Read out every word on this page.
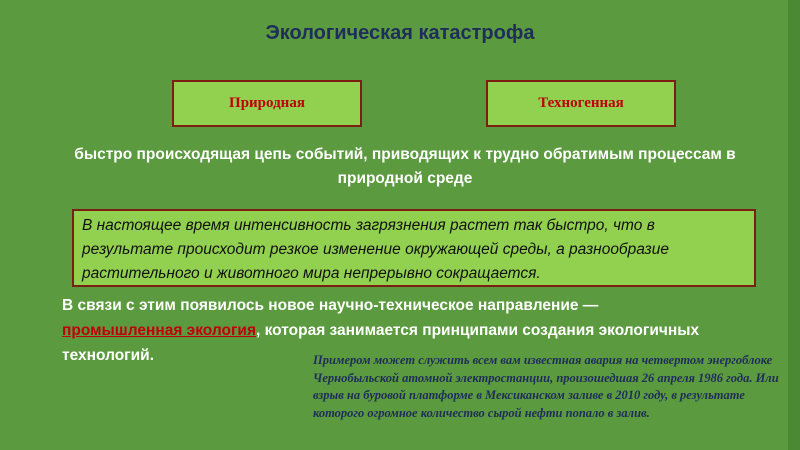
Экологическая катастрофа
Природная	Техногенная
быстро происходящая цепь событий, приводящих к трудно обратимым процессам в природной среде
В настоящее время интенсивность загрязнения растет так быстро, что в результате происходит резкое изменение окружающей среды, а разнообразие растительного и животного мира непрерывно сокращается.
В связи с этим появилось новое научно-техническое направление — промышленная экология, которая занимается принципами создания экологичных технологий.	Примером может служить всем вам известная авария на четвертом энергоблоке Чернобыльской атомной электростанции, произошедшая 26 апреля 1986 года. Или взрыв на буровой платформе в Мексиканском заливе в 2010 году, в результате которого огромное количество сырой нефти попало в залив.
